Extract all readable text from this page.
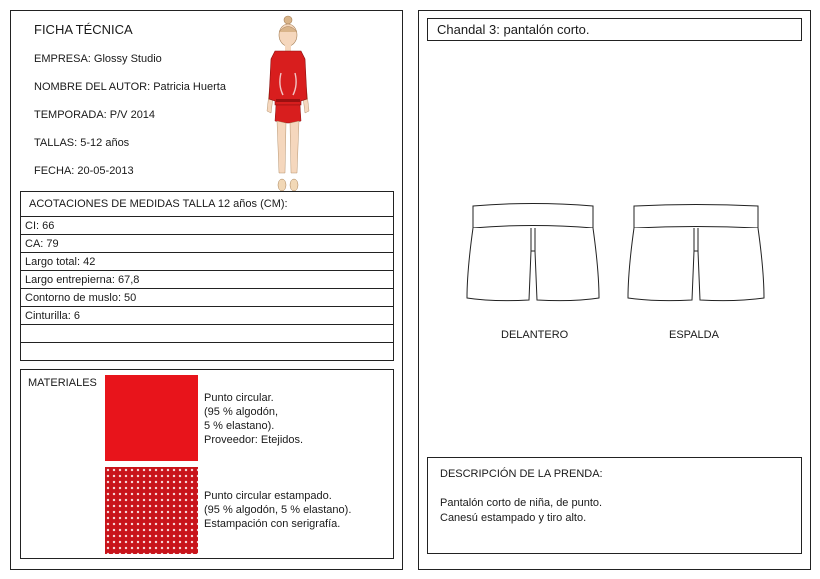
FICHA TÉCNICA
EMPRESA: Glossy Studio
NOMBRE DEL AUTOR: Patricia Huerta
TEMPORADA: P/V 2014
TALLAS: 5-12 años
FECHA: 20-05-2013
ACOTACIONES DE MEDIDAS TALLA 12 años (CM):
CI: 66
CA: 79
Largo total: 42
Largo entrepierna: 67,8
Contorno de muslo: 50
Cinturilla: 6
MATERIALES
Punto circular.
(95 % algodón,
5 % elastano).
Proveedor: Etejidos.
Punto circular estampado.
(95 % algodón, 5 % elastano).
Estampación con serigrafía.
Chandal 3: pantalón corto.
DELANTERO	ESPALDA
DESCRIPCIÓN DE LA PRENDA:
Pantalón corto de niña, de punto.
Canesú estampado y tiro alto.
